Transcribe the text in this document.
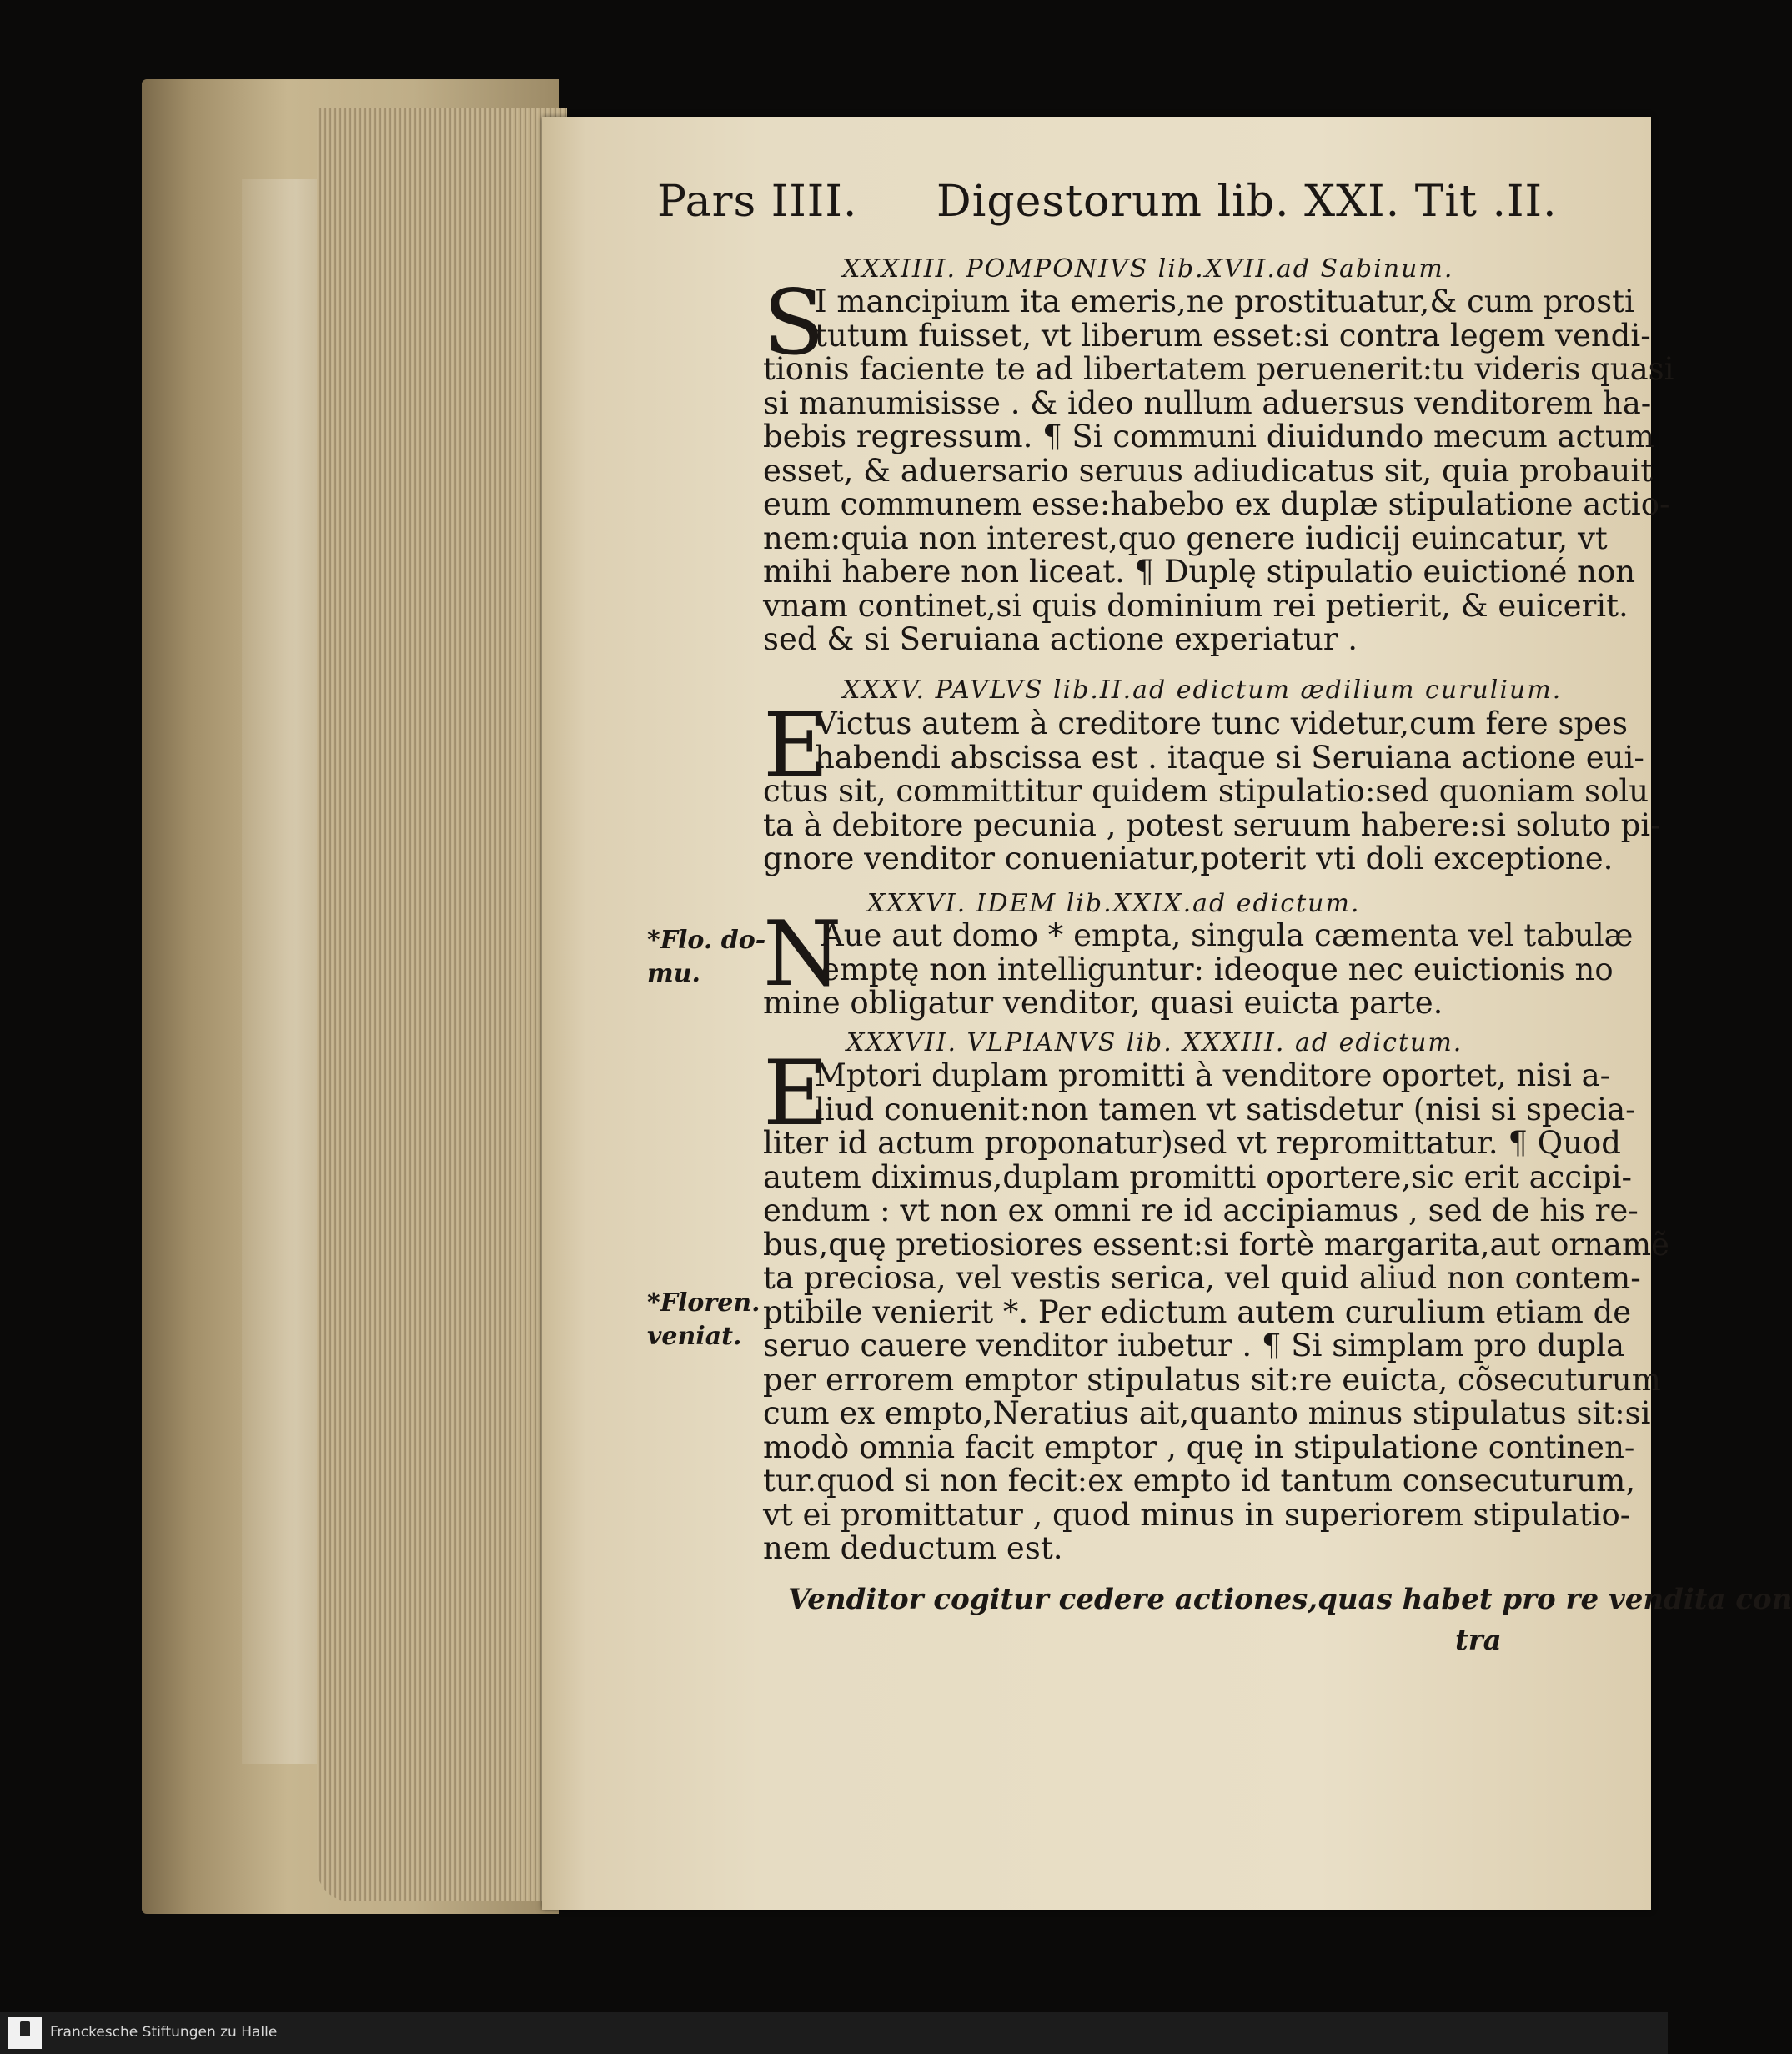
Pars IIII. Digestorum lib. XXI. Tit .II.
XXXIIII. POMPONIVS lib.XVII.ad Sabinum.
S
I mancipium ita emeris,ne prostituatur,& cum prosti
tutum fuisset, vt liberum esset:si contra legem vendi-
tionis faciente te ad libertatem peruenerit:tu videris quasi
si manumisisse . & ideo nullum aduersus venditorem ha-
bebis regressum. ¶ Si communi diuidundo mecum actum
esset, & aduersario seruus adiudicatus sit, quia probauit
eum communem esse:habebo ex duplæ stipulatione actio-
nem:quia non interest,quo genere iudicij euincatur, vt
mihi habere non liceat. ¶ Duplę stipulatio euictioné non
vnam continet,si quis dominium rei petierit, & euicerit.
sed & si Seruiana actione experiatur .
XXXV. PAVLVS lib.II.ad edictum ædilium curulium.
E
Victus autem à creditore tunc videtur,cum fere spes
habendi abscissa est . itaque si Seruiana actione eui-
ctus sit, committitur quidem stipulatio:sed quoniam solu
ta à debitore pecunia , potest seruum habere:si soluto pi-
gnore venditor conueniatur,poterit vti doli exceptione.
XXXVI. IDEM lib.XXIX.ad edictum.
*Flo. do-
mu. N
Aue aut domo * empta, singula cæmenta vel tabulæ
emptę non intelliguntur: ideoque nec euictionis no
mine obligatur venditor, quasi euicta parte.
XXXVII. VLPIANVS lib. XXXIII. ad edictum.
E
Mptori duplam promitti à venditore oportet, nisi a-
liud conuenit:non tamen vt satisdetur (nisi si specia-
liter id actum proponatur)sed vt repromittatur. ¶ Quod
autem diximus,duplam promitti oportere,sic erit accipi-
endum : vt non ex omni re id accipiamus , sed de his re-
bus,quę pretiosiores essent:si fortè margarita,aut ornamẽ
ta preciosa, vel vestis serica, vel quid aliud non contem-
ptibile venierit *. Per edictum autem curulium etiam de
seruo cauere venditor iubetur . ¶ Si simplam pro dupla
per errorem emptor stipulatus sit:re euicta, cõsecuturum
cum ex empto,Neratius ait,quanto minus stipulatus sit:si
modò omnia facit emptor , quę in stipulatione continen-
tur.quod si non fecit:ex empto id tantum consecuturum,
vt ei promittatur , quod minus in superiorem stipulatio-
nem deductum est.
*Floren.
veniat.
Venditor cogitur cedere actiones,quas habet pro re vendita con
tra
Franckesche Stiftungen zu Halle
